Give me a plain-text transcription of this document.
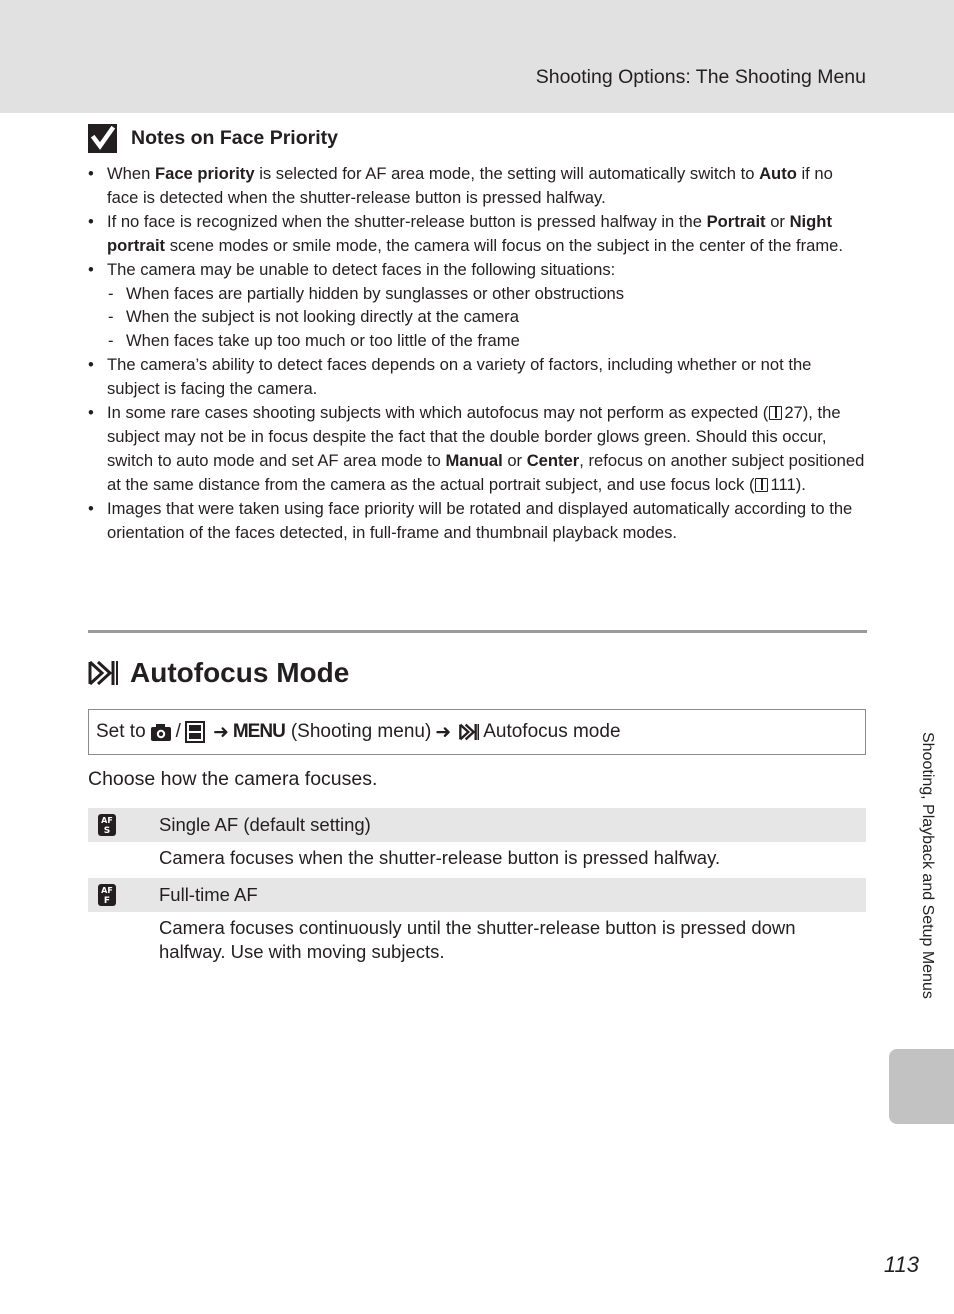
Shooting Options: The Shooting Menu
Notes on Face Priority
• When Face priority is selected for AF area mode, the setting will automatically switch to Auto if no face is detected when the shutter-release button is pressed halfway.
• If no face is recognized when the shutter-release button is pressed halfway in the Portrait or Night portrait scene modes or smile mode, the camera will focus on the subject in the center of the frame.
• The camera may be unable to detect faces in the following situations:
- When faces are partially hidden by sunglasses or other obstructions
- When the subject is not looking directly at the camera
- When faces take up too much or too little of the frame
• The camera’s ability to detect faces depends on a variety of factors, including whether or not the subject is facing the camera.
• In some rare cases shooting subjects with which autofocus may not perform as expected ( 27), the subject may not be in focus despite the fact that the double border glows green. Should this occur, switch to auto mode and set AF area mode to Manual or Center, refocus on another subject positioned at the same distance from the camera as the actual portrait subject, and use focus lock ( 111).
• Images that were taken using face priority will be rotated and displayed automatically according to the orientation of the faces detected, in full-frame and thumbnail playback modes.
Autofocus Mode
Set to / ➜ MENU (Shooting menu) ➜ Autofocus mode
Choose how the camera focuses.
AF
S	Single AF (default setting)
Camera focuses when the shutter-release button is pressed halfway.
AF
F	Full-time AF
Camera focuses continuously until the shutter-release button is pressed down halfway. Use with moving subjects.	Shooting, Playback and Setup Menus
113
